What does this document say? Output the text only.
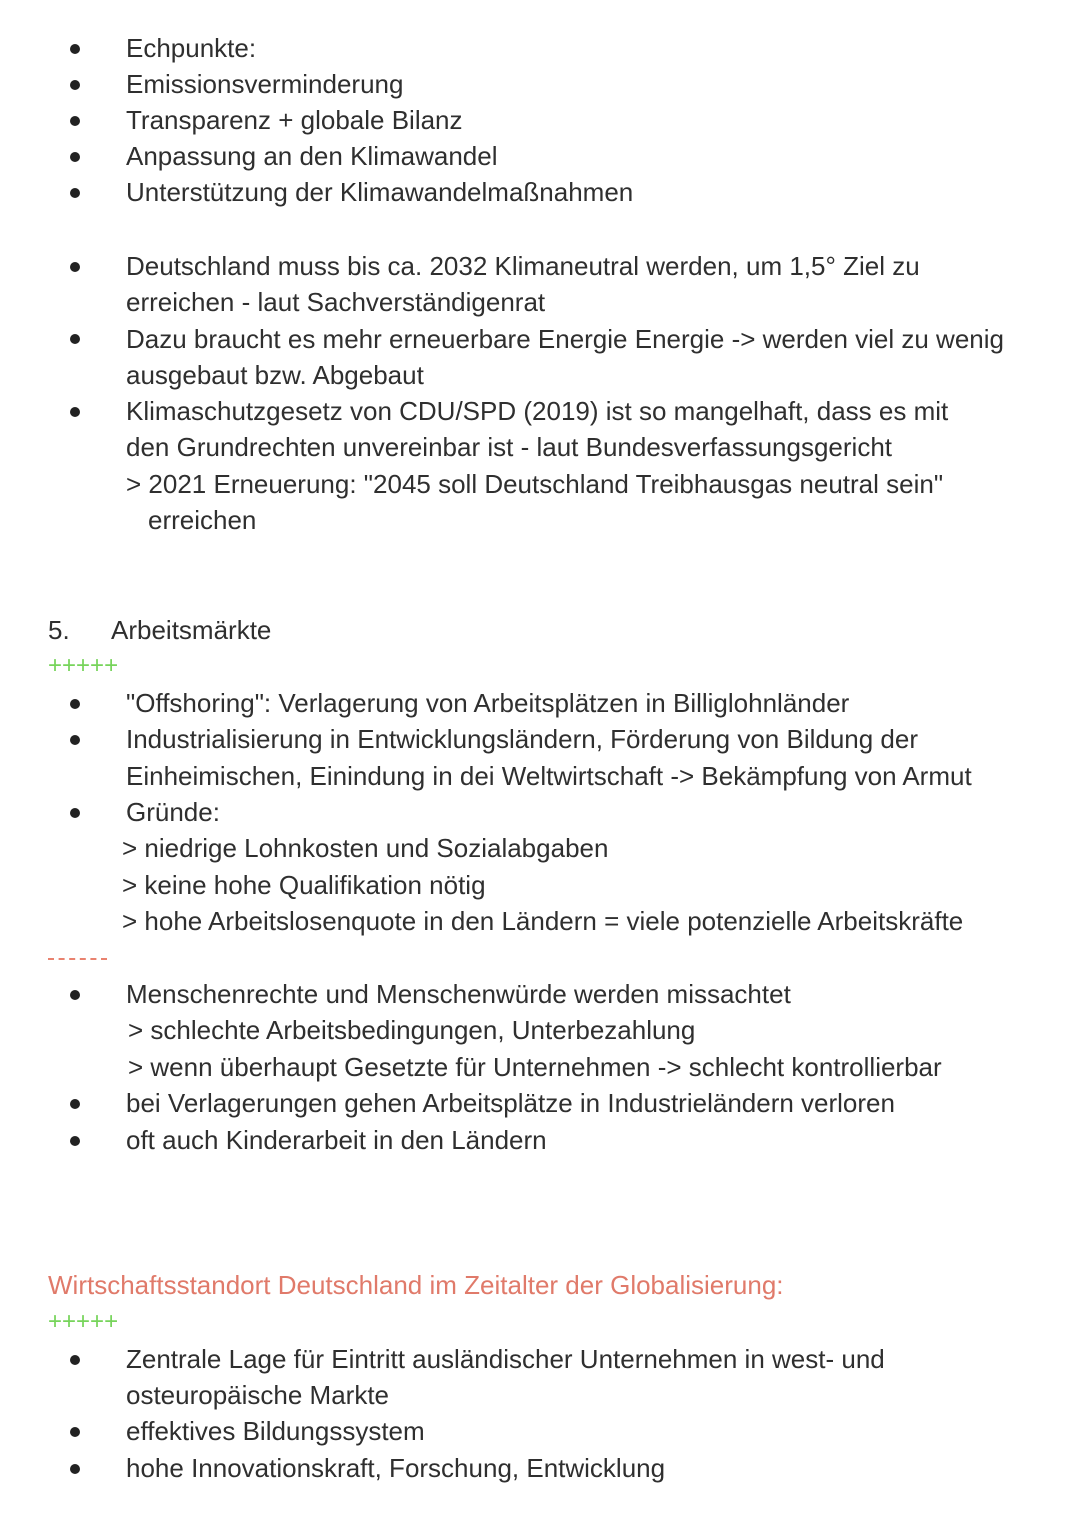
Echpunkte:
Emissionsverminderung
Transparenz + globale Bilanz
Anpassung an den Klimawandel
Unterstützung der Klimawandelmaßnahmen
Deutschland muss bis ca. 2032 Klimaneutral werden, um 1,5° Ziel zu
erreichen - laut Sachverständigenrat
Dazu braucht es mehr erneuerbare Energie Energie -> werden viel zu wenig
ausgebaut bzw. Abgebaut
Klimaschutzgesetz von CDU/SPD (2019) ist so mangelhaft, dass es mit
den Grundrechten unvereinbar ist - laut Bundesverfassungsgericht
> 2021 Erneuerung: "2045 soll Deutschland Treibhausgas neutral sein"
erreichen
5. Arbeitsmärkte
+++++
"Offshoring": Verlagerung von Arbeitsplätzen in Billiglohnländer
Industrialisierung in Entwicklungsländern, Förderung von Bildung der
Einheimischen, Einindung in dei Weltwirtschaft -> Bekämpfung von Armut
Gründe:
> niedrige Lohnkosten und Sozialabgaben
> keine hohe Qualifikation nötig
> hohe Arbeitslosenquote in den Ländern = viele potenzielle Arbeitskräfte
Menschenrechte und Menschenwürde werden missachtet
> schlechte Arbeitsbedingungen, Unterbezahlung
> wenn überhaupt Gesetzte für Unternehmen -> schlecht kontrollierbar
bei Verlagerungen gehen Arbeitsplätze in Industrieländern verloren
oft auch Kinderarbeit in den Ländern
Wirtschaftsstandort Deutschland im Zeitalter der Globalisierung:
+++++
Zentrale Lage für Eintritt ausländischer Unternehmen in west- und
osteuropäische Markte
effektives Bildungssystem
hohe Innovationskraft, Forschung, Entwicklung
